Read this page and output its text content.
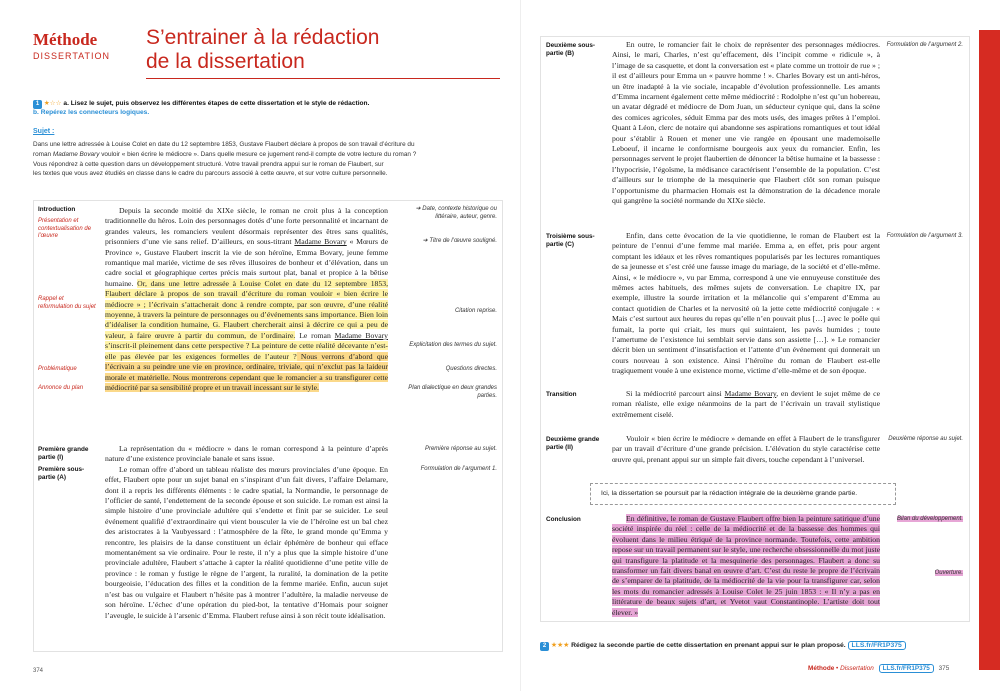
Méthode
DISSERTATION
S’entrainer à la rédaction
de la dissertation
1 ★☆☆ a. Lisez le sujet, puis observez les différentes étapes de cette dissertation et le style de rédaction.
b. Repérez les connecteurs logiques.
Sujet :
Dans une lettre adressée à Louise Colet en date du 12 septembre 1853, Gustave Flaubert déclare à propos de son travail d’écriture du
roman Madame Bovary vouloir « bien écrire le médiocre ». Dans quelle mesure ce jugement rend-il compte de votre lecture du roman ?
Vous répondrez à cette question dans un développement structuré. Votre travail prendra appui sur le roman de Flaubert, sur
les textes que vous avez étudiés en classe dans le cadre du parcours associé à cette œuvre, et sur votre culture personnelle.
Introduction
Présentation et contextualisation de l’œuvre
Rappel et reformulation du sujet
Problématique
Annonce du plan
Depuis la seconde moitié du XIXe siècle, le roman ne croit plus à la conception traditionnelle du héros. Loin des personnages dotés d’une forte personnalité et incarnant de grandes valeurs, les romanciers veulent désormais représenter des êtres sans qualités, prisonniers d’une vie sans relief. D’ailleurs, en sous-titrant Madame Bovary « Mœurs de Province », Gustave Flaubert inscrit la vie de son héroïne, Emma Bovary, jeune femme romantique mal mariée, victime de ses rêves illusoires de bonheur et d’élévation, dans un cadre social et géographique certes précis mais surtout plat, banal et propice à la bêtise humaine. Or, dans une lettre adressée à Louise Colet en date du 12 septembre 1853, Flaubert déclare à propos de son travail d’écriture du roman vouloir « bien écrire le médiocre » ; l’écrivain s’attacherait donc à rendre compte, par son œuvre, d’une réalité moyenne, à travers la peinture de personnages ou d’événements sans importance. Bien loin d’idéaliser la condition humaine, G. Flaubert chercherait ainsi à décrire ce qui a peu de valeur, à faire œuvre à partir du commun, de l’ordinaire. Le roman Madame Bovary s’inscrit-il pleinement dans cette perspective ? La peinture de cette réalité décevante n’est-elle pas élevée par les exigences formelles de l’auteur ? Nous verrons d’abord que l’écrivain a su peindre une vie en province, ordinaire, triviale, qui n’exclut pas la laideur morale et matérielle. Nous montrerons cependant que le romancier a su transfigurer cette médiocrité par sa sensibilité propre et un travail incessant sur le style.
➔ Date, contexte historique ou littéraire, auteur, genre.
➔ Titre de l’œuvre souligné.
Citation reprise.
Explicitation des termes du sujet.
Questions directes.
Plan dialectique en deux grandes parties.
Première grande partie (I)
Première sous-partie (A)
Première réponse au sujet.
Formulation de l’argument 1.

La représentation du « médiocre » dans le roman correspond à la peinture d’après nature d’une existence provinciale banale et sans issue.

Le roman offre d’abord un tableau réaliste des mœurs provinciales d’une époque. En effet, Flaubert opte pour un sujet banal en s’inspirant d’un fait divers, l’affaire Delamare, dont il a repris les différents éléments : le cadre spatial, la Normandie, le personnage de l’officier de santé, l’endettement de la seconde épouse et son suicide. Le roman est ainsi la simple histoire d’une provinciale adultère qui s’endette et finit par se suicider. Le seul événement qualifié d’extraordinaire qui vient bousculer la vie de l’héroïne est un bal chez des aristocrates à la Vaubyessard : l’atmosphère de la fête, le grand monde qu’Emma y rencontre, les plaisirs de la danse constituent un éclair éphémère de bonheur qui efface momentanément sa vie ordinaire. Pour le reste, il n’y a plus que la simple histoire d’une provinciale adultère, Flaubert s’attache à capter la réalité quotidienne d’une petite ville de province : le roman y fustige le règne de l’argent, la ruralité, la domination de la petite bourgeoisie, l’éducation des filles et la condition de la femme mariée. Enfin, aucun sujet n’est bas ou vulgaire et Flaubert n’hésite pas à montrer l’adultère, la maladie nerveuse de son héroïne. L’échec d’une opération du pied-bot, la tentative d’Homais pour soigner l’aveugle, le suicide à l’arsenic d’Emma. Flaubert refuse ainsi à son récit toute idéalisation.

374
Deuxième sous-partie (B)
Formulation de l’argument 2.
En outre, le romancier fait le choix de représenter des personnages médiocres. Ainsi, le mari, Charles, n’est qu’effacement, dès l’incipit comme « ridicule », à l’image de sa casquette, et dont la conversation est « plate comme un trottoir de rue » ; il est d’ailleurs pour Emma un « pauvre homme ! ». Charles Bovary est un anti-héros, un être inadapté à la vie sociale, incapable d’évolution professionnelle. Les amants d’Emma incarnent également cette même médiocrité : Rodolphe n’est qu’un hobereau, un avatar dégradé et médiocre de Dom Juan, un séducteur cynique qui, dans la scène des comices agricoles, séduit Emma par des mots usés, des images prêtes à l’emploi. Quant à Léon, clerc de notaire qui abandonne ses aspirations romantiques et tout idéal pour s’établir à Rouen et mener une vie rangée en épousant une mademoiselle Leboeuf, il incarne le conformisme bourgeois aux yeux du romancier. Enfin, les personnages servent le projet flaubertien de dénoncer la bêtise humaine et la bassesse : l’hypocrisie, l’égoïsme, la médisance caractérisent l’ensemble de la population. C’est d’ailleurs sur le triomphe de la mesquinerie que Flaubert clôt son roman puisque l’opportunisme du pharmacien Homais est la démonstration de la décadence morale qui gangrène la société normande du XIXe siècle.
Troisième sous-partie (C)
Formulation de l’argument 3.
Enfin, dans cette évocation de la vie quotidienne, le roman de Flaubert est la peinture de l’ennui d’une femme mal mariée. Emma a, en effet, pris pour argent comptant les idéaux et les rêves romantiques popularisés par les lectures romantiques de sa jeunesse et s’est créé une fausse image du mariage, de la société et d’elle-même. Ainsi, « le médiocre », vu par Emma, correspond à une vie ennuyeuse constituée des mêmes actes habituels, des mêmes sujets de conversation. Le chapitre IX, par exemple, illustre la sourde irritation et la mélancolie qui s’emparent d’Emma au contact quotidien de Charles et la nervosité où la jette cette médiocrité conjugale : « Mais c’est surtout aux heures du repas qu’elle n’en pouvait plus […] avec le poêle qui fumait, la porte qui criait, les murs qui suintaient, les pavés humides ; toute l’amertume de l’existence lui semblait servie dans son assiette […]. » Le romancier décrit bien un sentiment d’insatisfaction et l’attente d’un événement qui donnerait un cours nouveau à son existence. Ainsi l’héroïne du roman de Flaubert est-elle tragiquement vouée à une existence morne, victime d’elle-même et de son époque.
Transition	Si la médiocrité parcourt ainsi Madame Bovary, en devient le sujet même de ce roman réaliste, elle exige néanmoins de la part de l’écrivain un travail stylistique extrêmement ciselé.
Deuxième grande partie (II)
Deuxième réponse au sujet.
Vouloir « bien écrire le médiocre » demande en effet à Flaubert de le transfigurer par un travail d’écriture d’une grande précision. L’élévation du style caractérise cette œuvre qui, prenant appui sur un simple fait divers, touche cependant à l’universel.
Ici, la dissertation se poursuit par la rédaction intégrale de la deuxième grande partie.
Conclusion	Bilan du développement.
Ouverture.
En définitive, le roman de Gustave Flaubert offre bien la peinture satirique d’une société inspirée du réel : celle de la médiocrité et de la bassesse des hommes qui évoluent dans le milieu étriqué de la province normande. Toutefois, cette ambition repose sur un travail permanent sur le style, une recherche obsessionnelle du mot juste qui transfigure la platitude et la mesquinerie des personnages. Flaubert a donc su transformer un fait divers banal en œuvre d’art. C’est du reste le propre de l’écrivain de s’emparer de la platitude, de la médiocrité de la vie pour la transfigurer car, selon les mots du romancier adressés à Louise Colet le 25 juin 1853 : « Il n’y a pas en littérature de beaux sujets d’art, et Yvetot vaut Constantinople. L’artiste doit tout élever. »
2 ★★★ Rédigez la seconde partie de cette dissertation en prenant appui sur le plan proposé. LLS.fr/FR1P375
Méthode • Dissertation LLS.fr/FR1P375 375
